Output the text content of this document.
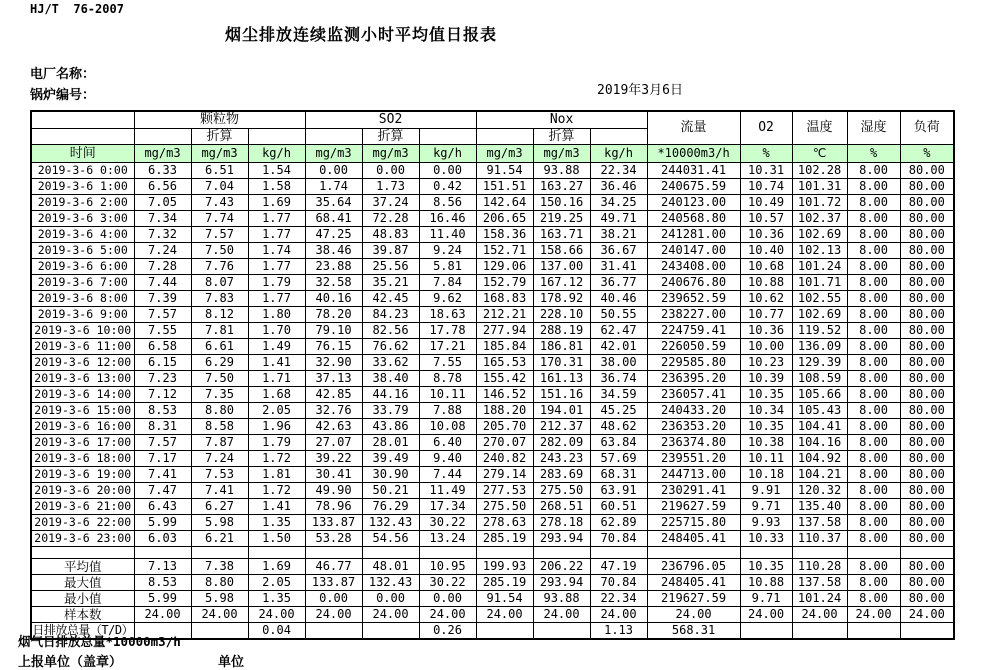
HJ/T  76-2007
烟尘排放连续监测小时平均值日报表
电厂名称：
锅炉编号：	2019年3月6日
	颗粒物			SO2			Nox			流量	O2	温度	湿度	负荷
		折算			折算			折算						
时间	mg/m3	mg/m3	kg/h	mg/m3	mg/m3	kg/h	mg/m3	mg/m3	kg/h	*10000m3/h	%	℃	%	%
2019-3-6 0:00	6.33	6.51	1.54	0.00	0.00	0.00	91.54	93.88	22.34	244031.41	10.31	102.28	8.00	80.00
2019-3-6 1:00	6.56	7.04	1.58	1.74	1.73	0.42	151.51	163.27	36.46	240675.59	10.74	101.31	8.00	80.00
2019-3-6 2:00	7.05	7.43	1.69	35.64	37.24	8.56	142.64	150.16	34.25	240123.00	10.49	101.72	8.00	80.00
2019-3-6 3:00	7.34	7.74	1.77	68.41	72.28	16.46	206.65	219.25	49.71	240568.80	10.57	102.37	8.00	80.00
2019-3-6 4:00	7.32	7.57	1.77	47.25	48.83	11.40	158.36	163.71	38.21	241281.00	10.36	102.69	8.00	80.00
2019-3-6 5:00	7.24	7.50	1.74	38.46	39.87	9.24	152.71	158.66	36.67	240147.00	10.40	102.13	8.00	80.00
2019-3-6 6:00	7.28	7.76	1.77	23.88	25.56	5.81	129.06	137.00	31.41	243408.00	10.68	101.24	8.00	80.00
2019-3-6 7:00	7.44	8.07	1.79	32.58	35.21	7.84	152.79	167.12	36.77	240676.80	10.88	101.71	8.00	80.00
2019-3-6 8:00	7.39	7.83	1.77	40.16	42.45	9.62	168.83	178.92	40.46	239652.59	10.62	102.55	8.00	80.00
2019-3-6 9:00	7.57	8.12	1.80	78.20	84.23	18.63	212.21	228.10	50.55	238227.00	10.77	102.69	8.00	80.00
2019-3-6 10:00	7.55	7.81	1.70	79.10	82.56	17.78	277.94	288.19	62.47	224759.41	10.36	119.52	8.00	80.00
2019-3-6 11:00	6.58	6.61	1.49	76.15	76.62	17.21	185.84	186.81	42.01	226050.59	10.00	136.09	8.00	80.00
2019-3-6 12:00	6.15	6.29	1.41	32.90	33.62	7.55	165.53	170.31	38.00	229585.80	10.23	129.39	8.00	80.00
2019-3-6 13:00	7.23	7.50	1.71	37.13	38.40	8.78	155.42	161.13	36.74	236395.20	10.39	108.59	8.00	80.00
2019-3-6 14:00	7.12	7.35	1.68	42.85	44.16	10.11	146.52	151.16	34.59	236057.41	10.35	105.66	8.00	80.00
2019-3-6 15:00	8.53	8.80	2.05	32.76	33.79	7.88	188.20	194.01	45.25	240433.20	10.34	105.43	8.00	80.00
2019-3-6 16:00	8.31	8.58	1.96	42.63	43.86	10.08	205.70	212.37	48.62	236353.20	10.35	104.41	8.00	80.00
2019-3-6 17:00	7.57	7.87	1.79	27.07	28.01	6.40	270.07	282.09	63.84	236374.80	10.38	104.16	8.00	80.00
2019-3-6 18:00	7.17	7.24	1.72	39.22	39.49	9.40	240.82	243.23	57.69	239551.20	10.11	104.92	8.00	80.00
2019-3-6 19:00	7.41	7.53	1.81	30.41	30.90	7.44	279.14	283.69	68.31	244713.00	10.18	104.21	8.00	80.00
2019-3-6 20:00	7.47	7.41	1.72	49.90	50.21	11.49	277.53	275.50	63.91	230291.41	9.91	120.32	8.00	80.00
2019-3-6 21:00	6.43	6.27	1.41	78.96	76.29	17.34	275.50	268.51	60.51	219627.59	9.71	135.40	8.00	80.00
2019-3-6 22:00	5.99	5.98	1.35	133.87	132.43	30.22	278.63	278.18	62.89	225715.80	9.93	137.58	8.00	80.00
2019-3-6 23:00	6.03	6.21	1.50	53.28	54.56	13.24	285.19	293.94	70.84	248405.41	10.33	110.37	8.00	80.00

平均值	7.13	7.38	1.69	46.77	48.01	10.95	199.93	206.22	47.19	236796.05	10.35	110.28	8.00	80.00
最大值	8.53	8.80	2.05	133.87	132.43	30.22	285.19	293.94	70.84	248405.41	10.88	137.58	8.00	80.00
最小值	5.99	5.98	1.35	0.00	0.00	0.00	91.54	93.88	22.34	219627.59	9.71	101.24	8.00	80.00
样本数	24.00	24.00	24.00	24.00	24.00	24.00	24.00	24.00	24.00	24.00	24.00	24.00	24.00	24.00
日排放总量（T/D）			0.04			0.26			1.13	568.31				
烟气日排放总量*10000m3/h
上报单位（盖章）	单位
